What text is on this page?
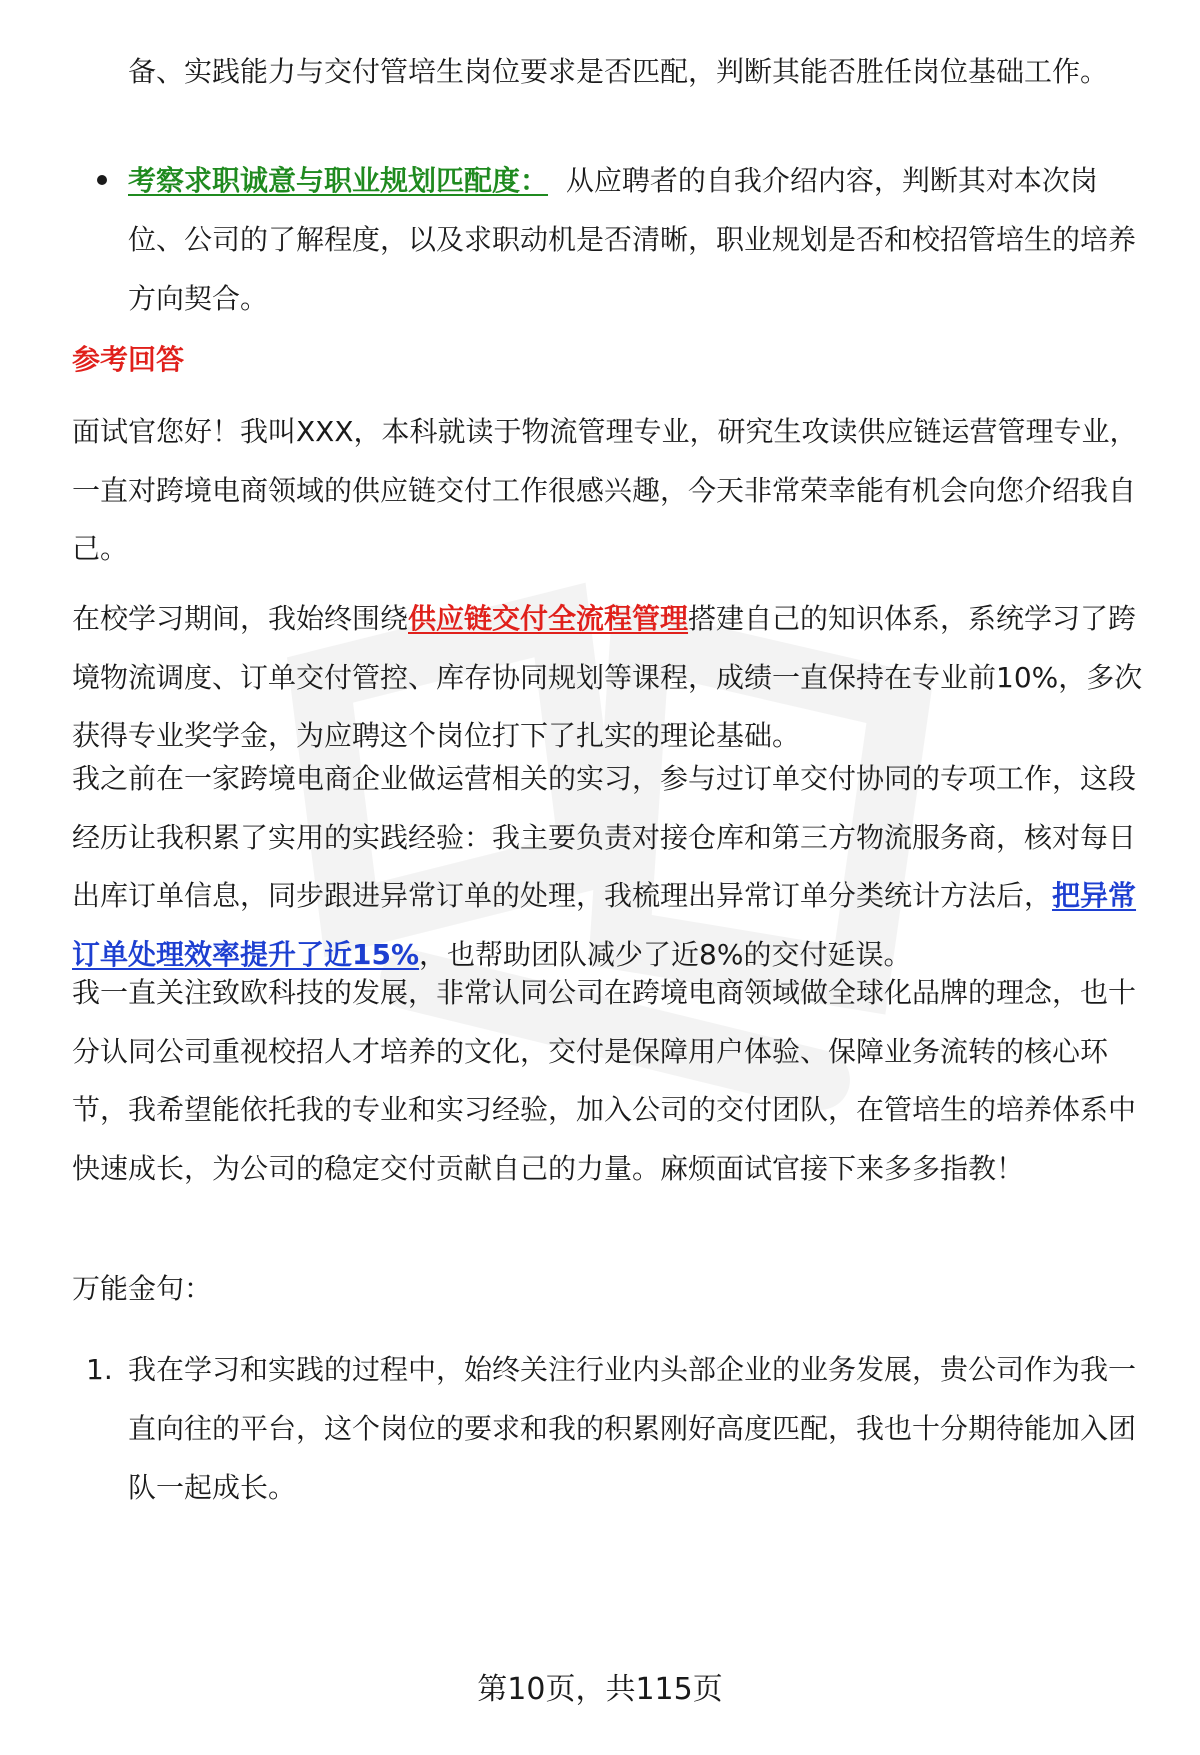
备、实践能力与交付管培生岗位要求是否匹配，判断其能否胜任岗位基础工作。
考察求职诚意与职业规划匹配度： 从应聘者的自我介绍内容，判断其对本次岗位、公司的了解程度，以及求职动机是否清晰，职业规划是否和校招管培生的培养方向契合。
参考回答
面试官您好！我叫XXX，本科就读于物流管理专业，研究生攻读供应链运营管理专业，一直对跨境电商领域的供应链交付工作很感兴趣，今天非常荣幸能有机会向您介绍我自己。
在校学习期间，我始终围绕供应链交付全流程管理搭建自己的知识体系，系统学习了跨境物流调度、订单交付管控、库存协同规划等课程，成绩一直保持在专业前10%，多次获得专业奖学金，为应聘这个岗位打下了扎实的理论基础。
我之前在一家跨境电商企业做运营相关的实习，参与过订单交付协同的专项工作，这段经历让我积累了实用的实践经验：我主要负责对接仓库和第三方物流服务商，核对每日出库订单信息，同步跟进异常订单的处理，我梳理出异常订单分类统计方法后，把异常订单处理效率提升了近15%，也帮助团队减少了近8%的交付延误。
我一直关注致欧科技的发展，非常认同公司在跨境电商领域做全球化品牌的理念，也十分认同公司重视校招人才培养的文化，交付是保障用户体验、保障业务流转的核心环节，我希望能依托我的专业和实习经验，加入公司的交付团队，在管培生的培养体系中快速成长，为公司的稳定交付贡献自己的力量。麻烦面试官接下来多多指教！
万能金句：
1. 我在学习和实践的过程中，始终关注行业内头部企业的业务发展，贵公司作为我一直向往的平台，这个岗位的要求和我的积累刚好高度匹配，我也十分期待能加入团队一起成长。
第10页，共115页
